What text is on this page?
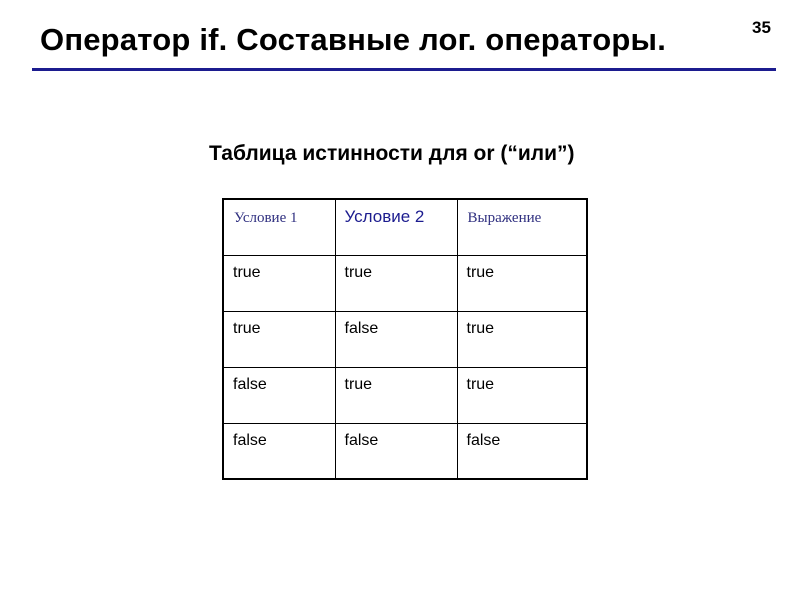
Оператор if. Составные лог. операторы.	35
Таблица истинности для or (“или”)
Условие 1	Условие 2	Выражение
true	true	true
true	false	true
false	true	true
false	false	false
